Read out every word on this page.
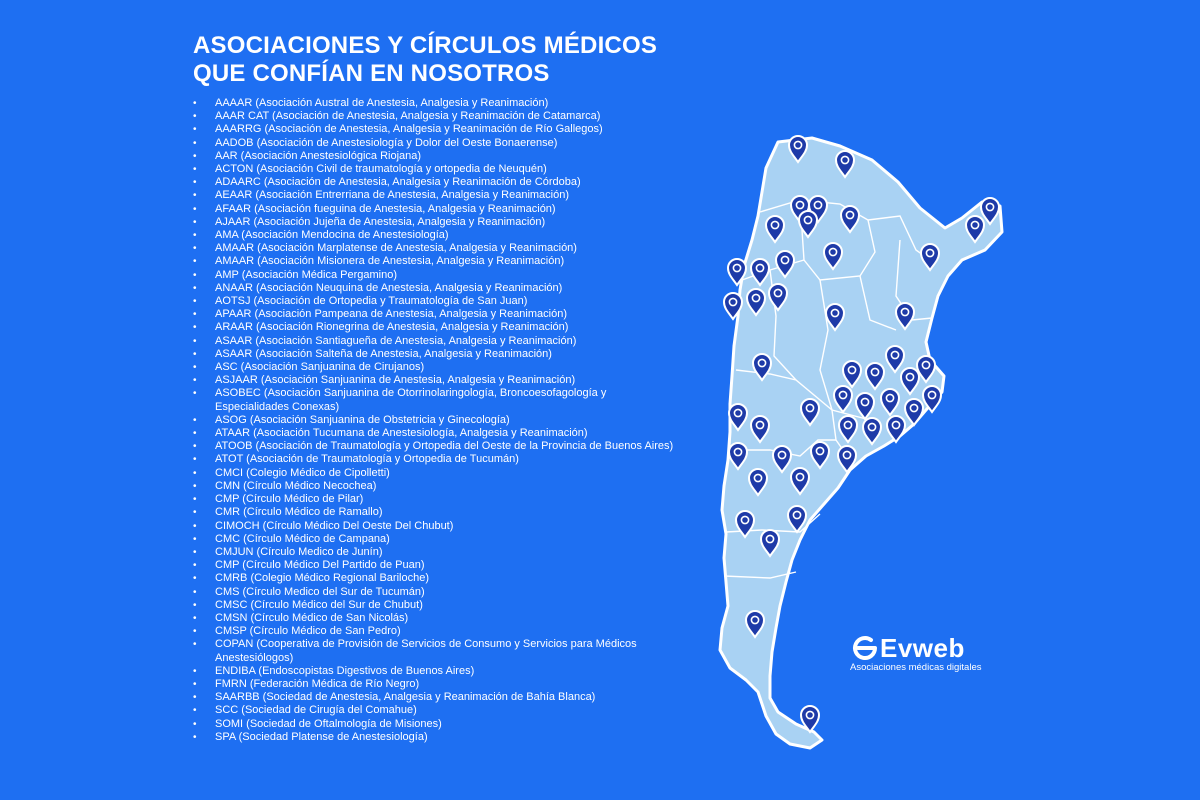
ASOCIACIONES Y CÍRCULOS MÉDICOS
QUE CONFÍAN EN NOSOTROS
• AAAAR (Asociación Austral de Anestesia, Analgesia y Reanimación)
• AAAR CAT (Asociación de Anestesia, Analgesia y Reanimación de Catamarca)
• AAARRG (Asociación de Anestesia, Analgesia y Reanimación de Río Gallegos)
• AADOB (Asociación de Anestesiología y Dolor del Oeste Bonaerense)
• AAR (Asociación Anestesiológica Riojana)
• ACTON (Asociación Civil de traumatología y ortopedia de Neuquén)
• ADAARC (Asociación de Anestesia, Analgesia y Reanimación de Córdoba)
• AEAAR (Asociación Entrerriana de Anestesia, Analgesia y Reanimación)
• AFAAR (Asociación fueguina de Anestesia, Analgesia y Reanimación)
• AJAAR (Asociación Jujeña de Anestesia, Analgesia y Reanimación)
• AMA (Asociación Mendocina de Anestesiología)
• AMAAR (Asociación Marplatense de Anestesia, Analgesia y Reanimación)
• AMAAR (Asociación Misionera de Anestesia, Analgesia y Reanimación)
• AMP (Asociación Médica Pergamino)
• ANAAR (Asociación Neuquina de Anestesia, Analgesia y Reanimación)
• AOTSJ (Asociación de Ortopedia y Traumatología de San Juan)
• APAAR (Asociación Pampeana de Anestesia, Analgesia y Reanimación)
• ARAAR (Asociación Rionegrina de Anestesia, Analgesia y Reanimación)
• ASAAR (Asociación Santiagueña de Anestesia, Analgesia y Reanimación)
• ASAAR (Asociación Salteña de Anestesia, Analgesia y Reanimación)
• ASC (Asociación Sanjuanina de Cirujanos)
• ASJAAR (Asociación Sanjuanina de Anestesia, Analgesia y Reanimación)
• ASOBEC (Asociación Sanjuanina de Otorrinolaringología, Broncoesofagología y Especialidades Conexas)
• ASOG (Asociación Sanjuanina de Obstetricia y Ginecología)
• ATAAR (Asociación Tucumana de Anestesiología, Analgesia y Reanimación)
• ATOOB (Asociación de Traumatología y Ortopedia del Oeste de la Provincia de Buenos Aires)
• ATOT (Asociación de Traumatología y Ortopedia de Tucumán)
• CMCI (Colegio Médico de Cipolletti)
• CMN (Círculo Médico Necochea)
• CMP (Círculo Médico de Pilar)
• CMR (Círculo Médico de Ramallo)
• CIMOCH (Círculo Médico Del Oeste Del Chubut)
• CMC (Círculo Médico de Campana)
• CMJUN (Círculo Medico de Junín)
• CMP (Círculo Médico Del Partido de Puan)
• CMRB (Colegio Médico Regional Bariloche)
• CMS (Círculo Medico del Sur de Tucumán)
• CMSC (Círculo Médico del Sur de Chubut)
• CMSN (Círculo Médico de San Nicolás)
• CMSP (Círculo Médico de San Pedro)
• COPAN (Cooperativa de Provisión de Servicios de Consumo y Servicios para Médicos Anestesiólogos)
• ENDIBA (Endoscopistas Digestivos de Buenos Aires)
• FMRN (Federación Médica de Río Negro)
• SAARBB (Sociedad de Anestesia, Analgesia y Reanimación de Bahía Blanca)
• SCC (Sociedad de Cirugía del Comahue)
• SOMI (Sociedad de Oftalmología de Misiones)
• SPA (Sociedad Platense de Anestesiología)
Evweb
Asociaciones médicas digitales
